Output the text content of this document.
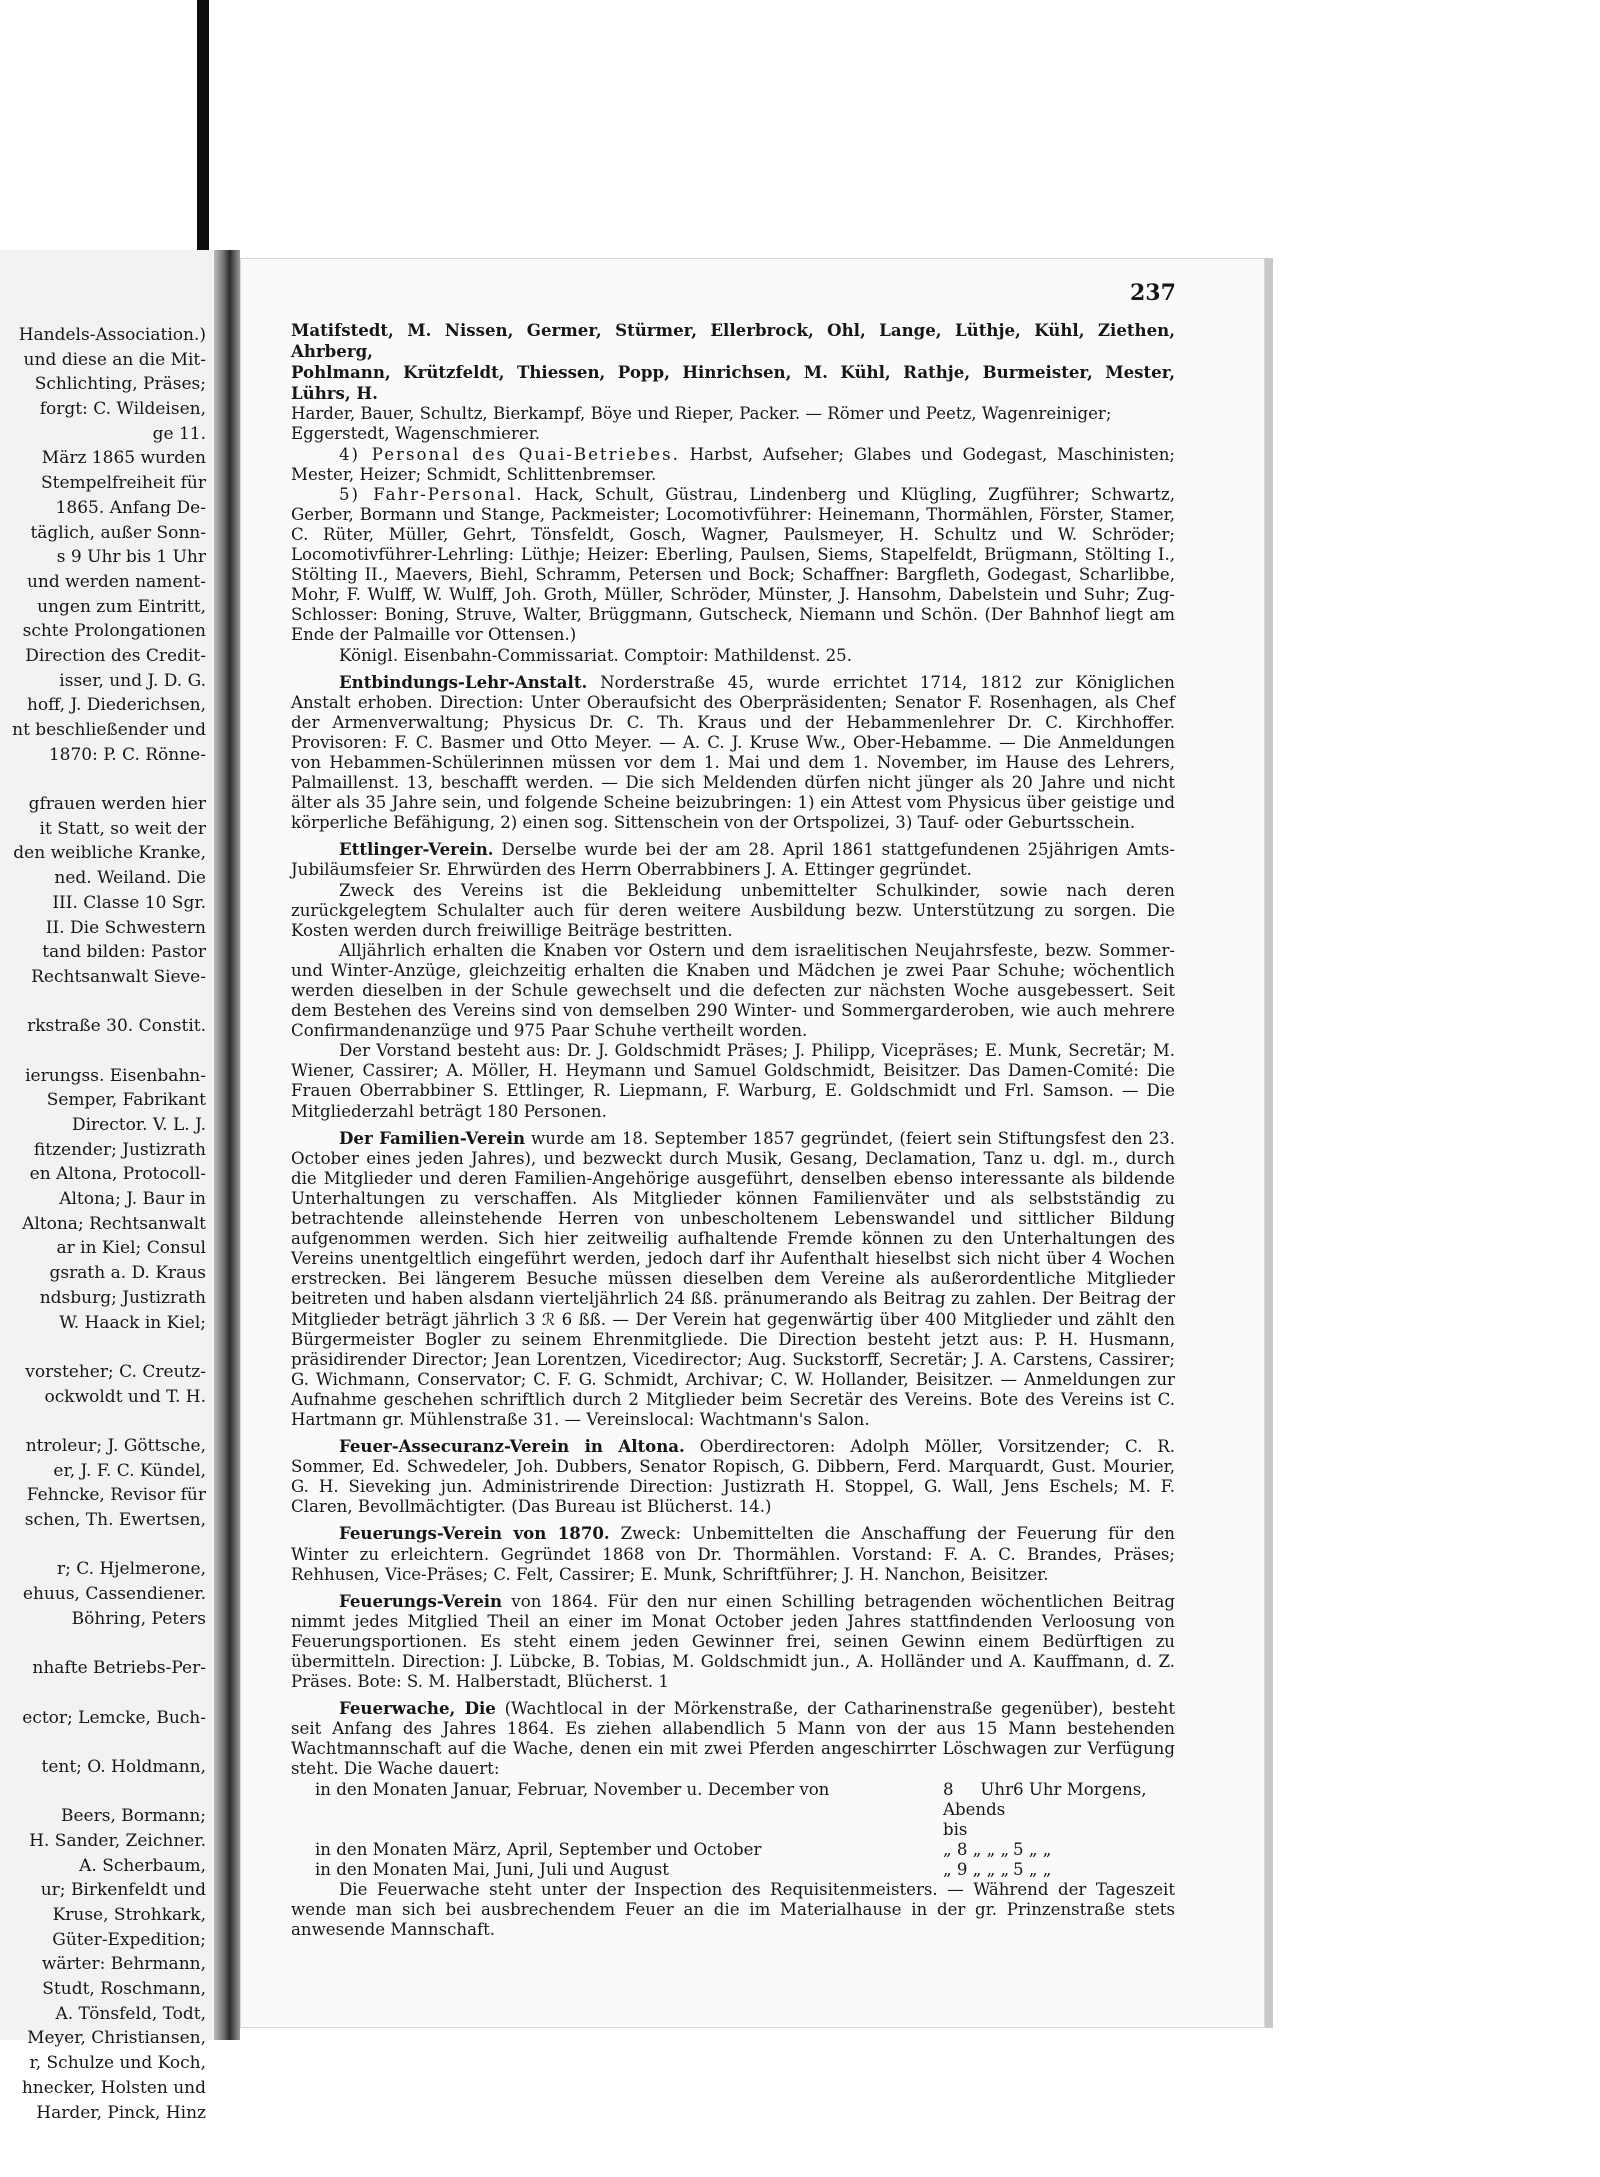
Handels-Association.)
und diese an die Mit-
Schlichting, Präses;
forgt: C. Wildeisen,
ge 11.
März 1865 wurden
Stempelfreiheit für
1865. Anfang De-
täglich, außer Sonn-
s 9 Uhr bis 1 Uhr
und werden nament-
ungen zum Eintritt,
schte Prolongationen
Direction des Credit-
isser, und J. D. G.
hoff, J. Diederichsen,
nt beschließender und
1870: P. C. Rönne-
gfrauen werden hier
it Statt, so weit der
den weibliche Kranke,
ned. Weiland. Die
III. Classe 10 Sgr.
II. Die Schwestern
tand bilden: Pastor
Rechtsanwalt Sieve-
rkstraße 30. Constit.
ierungss. Eisenbahn-
Semper, Fabrikant
Director. V. L. J.
fitzender; Justizrath
en Altona, Protocoll-
Altona; J. Baur in
Altona; Rechtsanwalt
ar in Kiel; Consul
gsrath a. D. Kraus
ndsburg; Justizrath
W. Haack in Kiel;
vorsteher; C. Creutz-
ockwoldt und T. H.
ntroleur; J. Göttsche,
er, J. F. C. Kündel,
Fehncke, Revisor für
schen, Th. Ewertsen,
r; C. Hjelmerone,
ehuus, Cassendiener.
Böhring, Peters
nhafte Betriebs-Per-
ector; Lemcke, Buch-
tent; O. Holdmann,
Beers, Bormann;
H. Sander, Zeichner.
A. Scherbaum,
ur; Birkenfeldt und
Kruse, Strohkark,
Güter-Expedition;
wärter: Behrmann,
Studt, Roschmann,
A. Tönsfeld, Todt,
Meyer, Christiansen,
r, Schulze und Koch,
hnecker, Holsten und
Harder, Pinck, Hinz
237

Matifstedt, M. Nissen, Germer, Stürmer, Ellerbrock, Ohl, Lange, Lüthje, Kühl, Ziethen, Ahrberg,
Pohlmann, Krützfeldt, Thiessen, Popp, Hinrichsen, M. Kühl, Rathje, Burmeister, Mester, Lührs, H.
Harder, Bauer, Schultz, Bierkampf, Böye und Rieper, Packer. — Römer und Peetz, Wagenreiniger;
Eggerstedt, Wagenschmierer.

4) Personal des Quai-Betriebes. Harbst, Aufseher; Glabes und Godegast, Maschinisten; Mester, Heizer; Schmidt, Schlittenbremser.

5) Fahr-Personal. Hack, Schult, Güstrau, Lindenberg und Klügling, Zugführer; Schwartz, Gerber, Bormann und Stange, Packmeister; Locomotivführer: Heinemann, Thormählen, Förster, Stamer, C. Rüter, Müller, Gehrt, Tönsfeldt, Gosch, Wagner, Paulsmeyer, H. Schultz und W. Schröder; Locomotivführer-Lehrling: Lüthje; Heizer: Eberling, Paulsen, Siems, Stapelfeldt, Brügmann, Stölting I., Stölting II., Maevers, Biehl, Schramm, Petersen und Bock; Schaffner: Bargfleth, Godegast, Scharlibbe, Mohr, F. Wulff, W. Wulff, Joh. Groth, Müller, Schröder, Münster, J. Hansohm, Dabelstein und Suhr; Zug-Schlosser: Boning, Struve, Walter, Brüggmann, Gutscheck, Niemann und Schön. (Der Bahnhof liegt am Ende der Palmaille vor Ottensen.)

Königl. Eisenbahn-Commissariat. Comptoir: Mathildenst. 25.

Entbindungs-Lehr-Anstalt. Norderstraße 45, wurde errichtet 1714, 1812 zur Königlichen Anstalt erhoben. Direction: Unter Oberaufsicht des Oberpräsidenten; Senator F. Rosenhagen, als Chef der Armenverwaltung; Physicus Dr. C. Th. Kraus und der Hebammenlehrer Dr. C. Kirchhoffer. Provisoren: F. C. Basmer und Otto Meyer. — A. C. J. Kruse Ww., Ober-Hebamme. — Die Anmeldungen von Hebammen-Schülerinnen müssen vor dem 1. Mai und dem 1. November, im Hause des Lehrers, Palmaillenst. 13, beschafft werden. — Die sich Meldenden dürfen nicht jünger als 20 Jahre und nicht älter als 35 Jahre sein, und folgende Scheine beizubringen: 1) ein Attest vom Physicus über geistige und körperliche Befähigung, 2) einen sog. Sittenschein von der Ortspolizei, 3) Tauf- oder Geburtsschein.

Ettlinger-Verein. Derselbe wurde bei der am 28. April 1861 stattgefundenen 25jährigen Amts-Jubiläumsfeier Sr. Ehrwürden des Herrn Oberrabbiners J. A. Ettinger gegründet.

Zweck des Vereins ist die Bekleidung unbemittelter Schulkinder, sowie nach deren zurückgelegtem Schulalter auch für deren weitere Ausbildung bezw. Unterstützung zu sorgen. Die Kosten werden durch freiwillige Beiträge bestritten.

Alljährlich erhalten die Knaben vor Ostern und dem israelitischen Neujahrsfeste, bezw. Sommer- und Winter-Anzüge, gleichzeitig erhalten die Knaben und Mädchen je zwei Paar Schuhe; wöchentlich werden dieselben in der Schule gewechselt und die defecten zur nächsten Woche ausgebessert. Seit dem Bestehen des Vereins sind von demselben 290 Winter- und Sommergarderoben, wie auch mehrere Confirmandenanzüge und 975 Paar Schuhe vertheilt worden.

Der Vorstand besteht aus: Dr. J. Goldschmidt Präses; J. Philipp, Vicepräses; E. Munk, Secretär; M. Wiener, Cassirer; A. Möller, H. Heymann und Samuel Goldschmidt, Beisitzer. Das Damen-Comité: Die Frauen Oberrabbiner S. Ettlinger, R. Liepmann, F. Warburg, E. Goldschmidt und Frl. Samson. — Die Mitgliederzahl beträgt 180 Personen.

Der Familien-Verein wurde am 18. September 1857 gegründet, (feiert sein Stiftungsfest den 23. October eines jeden Jahres), und bezweckt durch Musik, Gesang, Declamation, Tanz u. dgl. m., durch die Mitglieder und deren Familien-Angehörige ausgeführt, denselben ebenso interessante als bildende Unterhaltungen zu verschaffen. Als Mitglieder können Familienväter und als selbstständig zu betrachtende alleinstehende Herren von unbescholtenem Lebenswandel und sittlicher Bildung aufgenommen werden. Sich hier zeitweilig aufhaltende Fremde können zu den Unterhaltungen des Vereins unentgeltlich eingeführt werden, jedoch darf ihr Aufenthalt hieselbst sich nicht über 4 Wochen erstrecken. Bei längerem Besuche müssen dieselben dem Vereine als außerordentliche Mitglieder beitreten und haben alsdann vierteljährlich 24 ßß. pränumerando als Beitrag zu zahlen. Der Beitrag der Mitglieder beträgt jährlich 3 ℛ 6 ßß. — Der Verein hat gegenwärtig über 400 Mitglieder und zählt den Bürgermeister Bogler zu seinem Ehrenmitgliede. Die Direction besteht jetzt aus: P. H. Husmann, präsidirender Director; Jean Lorentzen, Vicedirector; Aug. Suckstorff, Secretär; J. A. Carstens, Cassirer; G. Wichmann, Conservator; C. F. G. Schmidt, Archivar; C. W. Hollander, Beisitzer. — Anmeldungen zur Aufnahme geschehen schriftlich durch 2 Mitglieder beim Secretär des Vereins. Bote des Vereins ist C. Hartmann gr. Mühlenstraße 31. — Vereinslocal: Wachtmann's Salon.

Feuer-Assecuranz-Verein in Altona. Oberdirectoren: Adolph Möller, Vorsitzender; C. R. Sommer, Ed. Schwedeler, Joh. Dubbers, Senator Ropisch, G. Dibbern, Ferd. Marquardt, Gust. Mourier, G. H. Sieveking jun. Administrirende Direction: Justizrath H. Stoppel, G. Wall, Jens Eschels; M. F. Claren, Bevollmächtigter. (Das Bureau ist Blücherst. 14.)

Feuerungs-Verein von 1870. Zweck: Unbemittelten die Anschaffung der Feuerung für den Winter zu erleichtern. Gegründet 1868 von Dr. Thormählen. Vorstand: F. A. C. Brandes, Präses; Rehhusen, Vice-Präses; C. Felt, Cassirer; E. Munk, Schriftführer; J. H. Nanchon, Beisitzer.

Feuerungs-Verein von 1864. Für den nur einen Schilling betragenden wöchentlichen Beitrag nimmt jedes Mitglied Theil an einer im Monat October jeden Jahres stattfindenden Verloosung von Feuerungsportionen. Es steht einem jeden Gewinner frei, seinen Gewinn einem Bedürftigen zu übermitteln. Direction: J. Lübcke, B. Tobias, M. Goldschmidt jun., A. Holländer und A. Kauffmann, d. Z. Präses. Bote: S. M. Halberstadt, Blücherst. 1

Feuerwache, Die (Wachtlocal in der Mörkenstraße, der Catharinenstraße gegenüber), besteht seit Anfang des Jahres 1864. Es ziehen allabendlich 5 Mann von der aus 15 Mann bestehenden Wachtmannschaft auf die Wache, denen ein mit zwei Pferden angeschirrter Löschwagen zur Verfügung steht. Die Wache dauert:

in den Monaten Januar, Februar, November u. December von	8 Uhr Abends bis
6 Uhr Morgens,
in den Monaten März, April, September und October	„ 8 „ „ „ 5 „ „
in den Monaten Mai, Juni, Juli und August	„ 9 „ „ „ 5 „ „

Die Feuerwache steht unter der Inspection des Requisitenmeisters. — Während der Tageszeit wende man sich bei ausbrechendem Feuer an die im Materialhause in der gr. Prinzenstraße stets anwesende Mannschaft.
